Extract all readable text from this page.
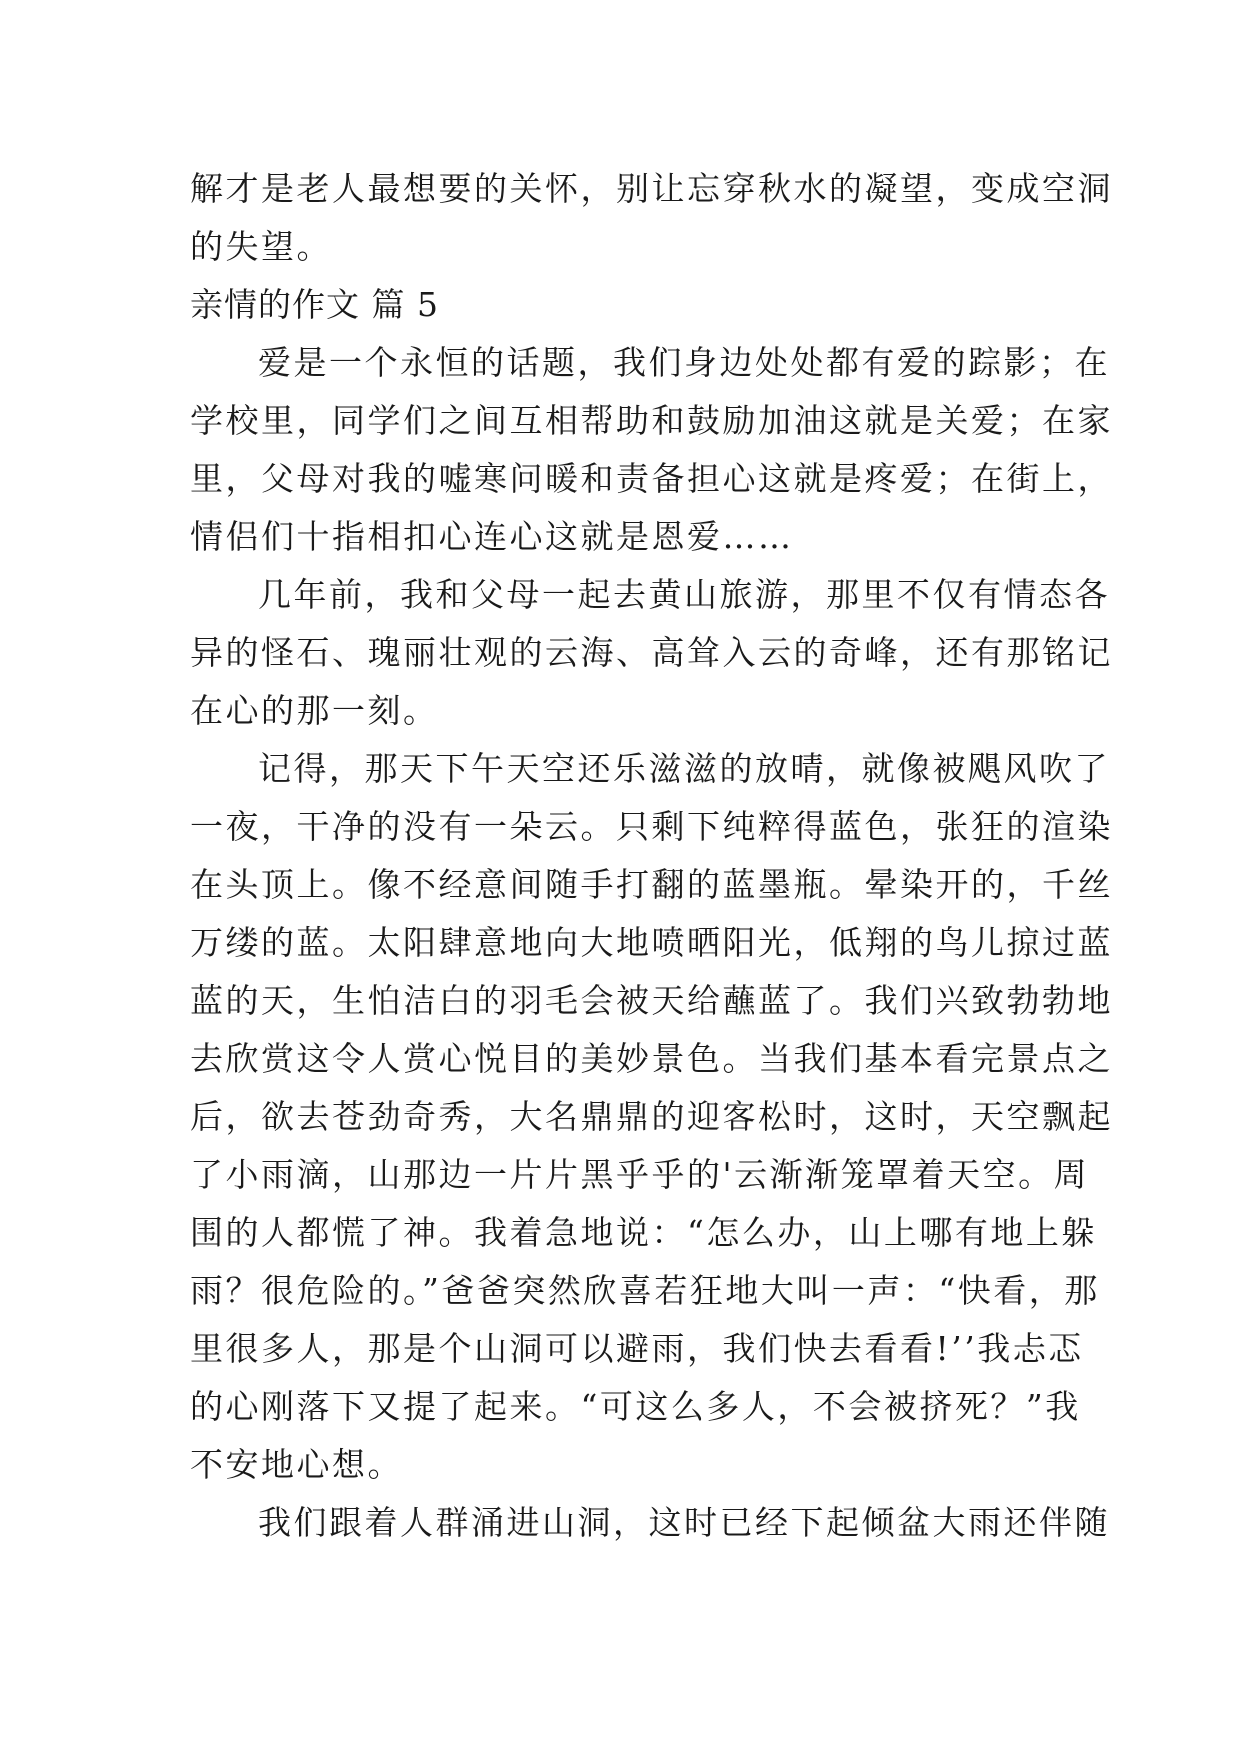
解才是老人最想要的关怀，别让忘穿秋水的凝望，变成空洞
的失望。
亲情的作文 篇 5
爱是一个永恒的话题，我们身边处处都有爱的踪影；在
学校里，同学们之间互相帮助和鼓励加油这就是关爱；在家
里，父母对我的嘘寒问暖和责备担心这就是疼爱；在街上，
情侣们十指相扣心连心这就是恩爱……
几年前，我和父母一起去黄山旅游，那里不仅有情态各
异的怪石、瑰丽壮观的云海、高耸入云的奇峰，还有那铭记
在心的那一刻。
记得，那天下午天空还乐滋滋的放晴，就像被飓风吹了
一夜，干净的没有一朵云。只剩下纯粹得蓝色，张狂的渲染
在头顶上。像不经意间随手打翻的蓝墨瓶。晕染开的，千丝
万缕的蓝。太阳肆意地向大地喷晒阳光，低翔的鸟儿掠过蓝
蓝的天，生怕洁白的羽毛会被天给蘸蓝了。我们兴致勃勃地
去欣赏这令人赏心悦目的美妙景色。当我们基本看完景点之
后，欲去苍劲奇秀，大名鼎鼎的迎客松时，这时，天空飘起
了小雨滴，山那边一片片黑乎乎的'云渐渐笼罩着天空。周
围的人都慌了神。我着急地说：“怎么办，山上哪有地上躲
雨？很危险的。”爸爸突然欣喜若狂地大叫一声：“快看，那
里很多人，那是个山洞可以避雨，我们快去看看!’’我忐忑
的心刚落下又提了起来。“可这么多人，不会被挤死？”我
不安地心想。
我们跟着人群涌进山洞，这时已经下起倾盆大雨还伴随
